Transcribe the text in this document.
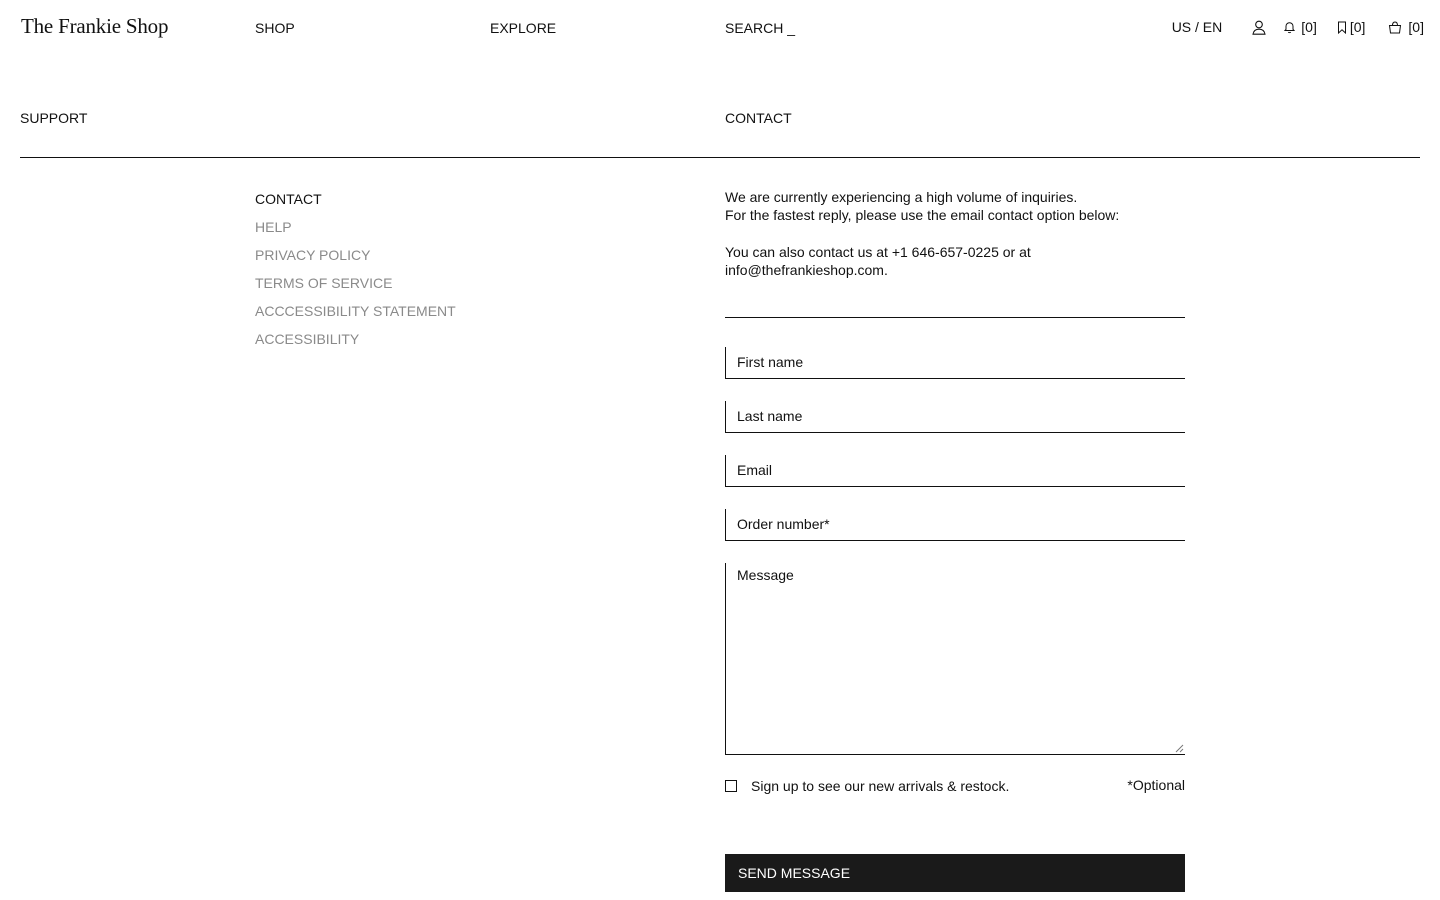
The Frankie Shop	SHOP	EXPLORE	SEARCH _	US / EN	[0] [0]	[0]
SUPPORT	CONTACT
CONTACT
HELP
PRIVACY POLICY
TERMS OF SERVICE
ACCCESSIBILITY STATEMENT
ACCESSIBILITY

We are currently experiencing a high volume of inquiries.
For the fastest reply, please use the email contact option below:

You can also contact us at +1 646-657-0225 or at
info@thefrankieshop.com.

First name
Last name
Email
Order number*
Message
Sign up to see our new arrivals & restock.	*Optional
SEND MESSAGE
